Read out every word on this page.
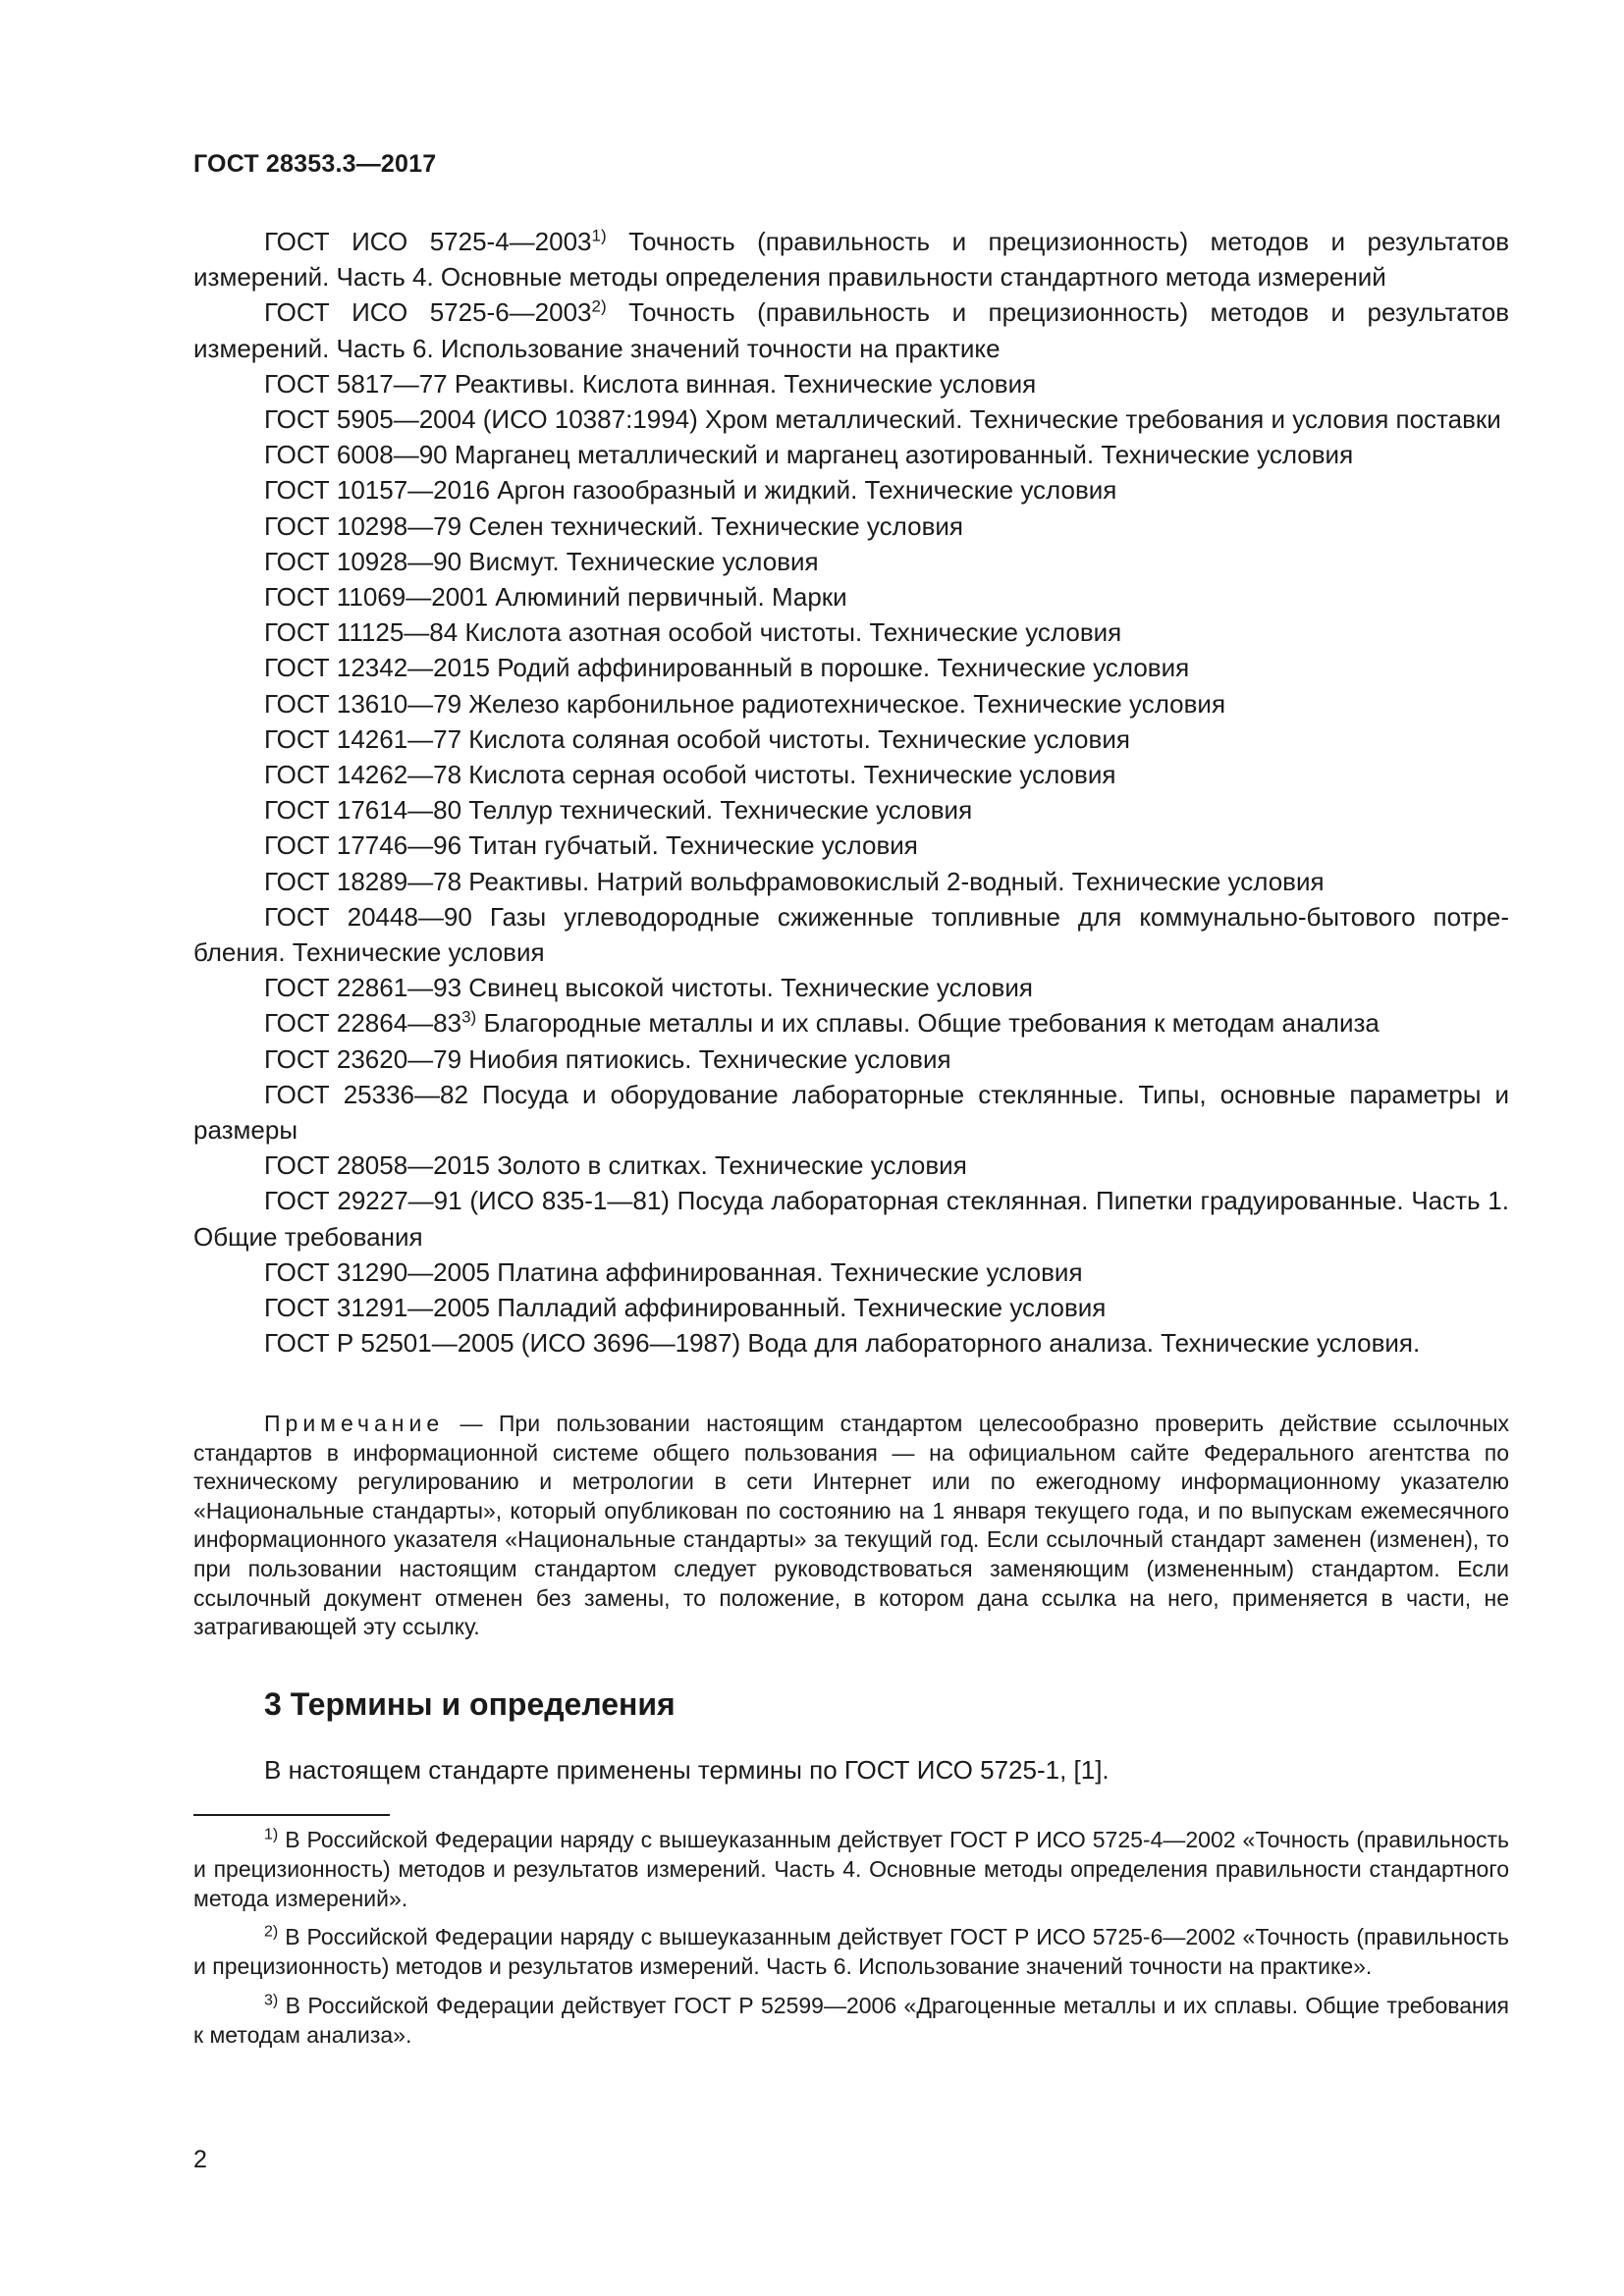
ГОСТ 28353.3—2017

ГОСТ ИСО 5725-4—2003$^{1)}$ Точность (правильность и прецизионность) методов и результатов измерений. Часть 4. Основные методы определения правильности стандартного метода измерений

ГОСТ ИСО 5725-6—2003$^{2)}$ Точность (правильность и прецизионность) методов и результатов измерений. Часть 6. Использование значений точности на практике

ГОСТ 5817—77 Реактивы. Кислота винная. Технические условия

ГОСТ 5905—2004 (ИСО 10387:1994) Хром металлический. Технические требования и условия поставки

ГОСТ 6008—90 Марганец металлический и марганец азотированный. Технические условия

ГОСТ 10157—2016 Аргон газообразный и жидкий. Технические условия

ГОСТ 10298—79 Селен технический. Технические условия

ГОСТ 10928—90 Висмут. Технические условия

ГОСТ 11069—2001 Алюминий первичный. Марки

ГОСТ 11125—84 Кислота азотная особой чистоты. Технические условия

ГОСТ 12342—2015 Родий аффинированный в порошке. Технические условия

ГОСТ 13610—79 Железо карбонильное радиотехническое. Технические условия

ГОСТ 14261—77 Кислота соляная особой чистоты. Технические условия

ГОСТ 14262—78 Кислота серная особой чистоты. Технические условия

ГОСТ 17614—80 Теллур технический. Технические условия

ГОСТ 17746—96 Титан губчатый. Технические условия

ГОСТ 18289—78 Реактивы. Натрий вольфрамовокислый 2-водный. Технические условия

ГОСТ 20448—90 Газы углеводородные сжиженные топливные для коммунально-бытового потре-бления. Технические условия

ГОСТ 22861—93 Свинец высокой чистоты. Технические условия

ГОСТ 22864—83$^{3)}$ Благородные металлы и их сплавы. Общие требования к методам анализа

ГОСТ 23620—79 Ниобия пятиокись. Технические условия

ГОСТ 25336—82 Посуда и оборудование лабораторные стеклянные. Типы, основные параметры и размеры

ГОСТ 28058—2015 Золото в слитках. Технические условия

ГОСТ 29227—91 (ИСО 835-1—81) Посуда лабораторная стеклянная. Пипетки градуированные. Часть 1. Общие требования

ГОСТ 31290—2005 Платина аффинированная. Технические условия

ГОСТ 31291—2005 Палладий аффинированный. Технические условия

ГОСТ Р 52501—2005 (ИСО 3696—1987) Вода для лабораторного анализа. Технические условия.

Примечание — При пользовании настоящим стандартом целесообразно проверить действие ссылочных стандартов в информационной системе общего пользования — на официальном сайте Федерального агентства по техническому регулированию и метрологии в сети Интернет или по ежегодному информационному указателю «Национальные стандарты», который опубликован по состоянию на 1 января текущего года, и по выпускам ежемесячного информационного указателя «Национальные стандарты» за текущий год. Если ссылочный стандарт заменен (изменен), то при пользовании настоящим стандартом следует руководствоваться заменяющим (измененным) стандартом. Если ссылочный документ отменен без замены, то положение, в котором дана ссылка на него, применяется в части, не затрагивающей эту ссылку.

3 Термины и определения

В настоящем стандарте применены термины по ГОСТ ИСО 5725-1, [1].

$^{1)}$ В Российской Федерации наряду с вышеуказанным действует ГОСТ Р ИСО 5725-4—2002 «Точность (правильность и прецизионность) методов и результатов измерений. Часть 4. Основные методы определения правильности стандартного метода измерений».

$^{2)}$ В Российской Федерации наряду с вышеуказанным действует ГОСТ Р ИСО 5725-6—2002 «Точность (правильность и прецизионность) методов и результатов измерений. Часть 6. Использование значений точности на практике».

$^{3)}$ В Российской Федерации действует ГОСТ Р 52599—2006 «Драгоценные металлы и их сплавы. Общие требования к методам анализа».

2
